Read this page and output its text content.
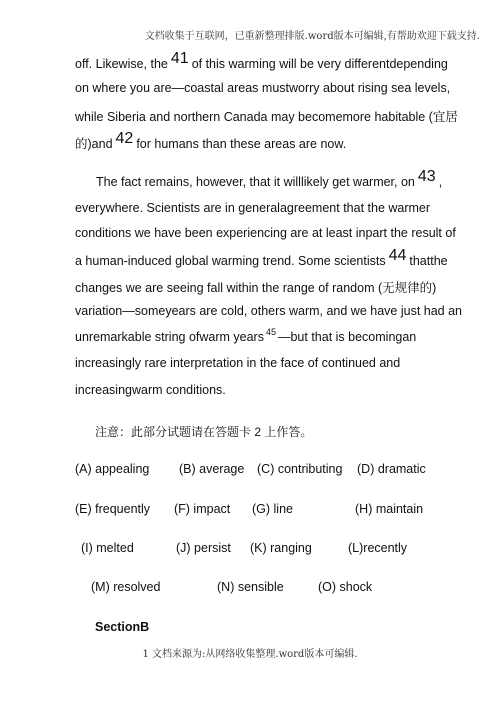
文档收集于互联网，已重新整理排版.word版本可编辑,有帮助欢迎下载支持.
off. Likewise, the 41 of this warming will be very differentdepending
on where you are—coastal areas mustworry about rising sea levels,
while Siberia and northern Canada may becomemore habitable (宜居
的)and 42 for humans than these areas are now.
The fact remains, however, that it willlikely get warmer, on 43 ,
everywhere. Scientists are in generalagreement that the warmer
conditions we have been experiencing are at least inpart the result of
a human-induced global warming trend. Some scientists 44 thatthe
changes we are seeing fall within the range of random (无规律的)
variation—someyears are cold, others warm, and we have just had an
unremarkable string ofwarm years $^{45}$ —but that is becomingan
increasingly rare interpretation in the face of continued and
increasingwarm conditions.
注意：此部分试题请在答题卡 2 上作答。
(A) appealing (B) average (C) contributing (D) dramatic
(E) frequently (F) impact (G) line	(H) maintain
(I) melted	(J) persist (K) ranging	(L)recently
(M) resolved	(N) sensible	(O) shock
SectionB
1 文档来源为:从网络收集整理.word版本可编辑.
